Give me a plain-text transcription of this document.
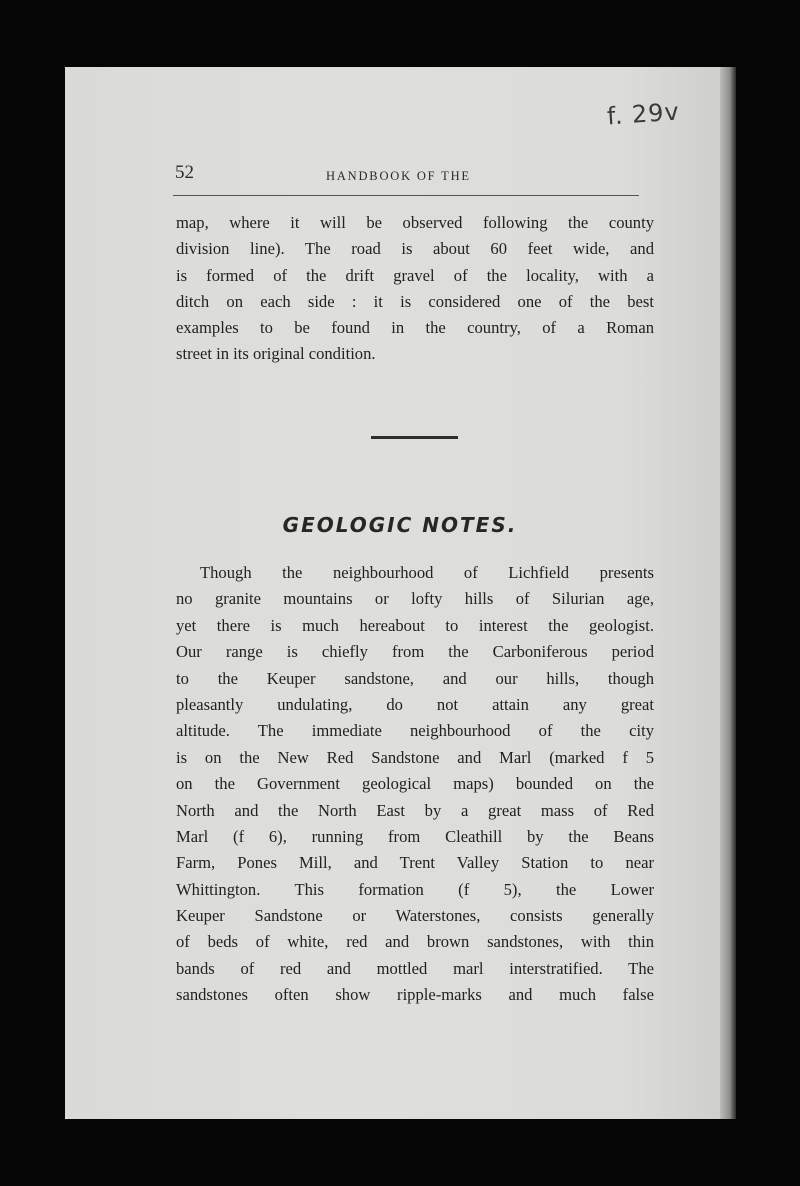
f. 29v
52	HANDBOOK OF THE
map, where it will be observed following the county
division line). The road is about 60 feet wide, and
is formed of the drift gravel of the locality, with a
ditch on each side : it is considered one of the best
examples to be found in the country, of a Roman
street in its original condition.
GEOLOGIC NOTES.
Though the neighbourhood of Lichfield presents
no granite mountains or lofty hills of Silurian age,
yet there is much hereabout to interest the geologist.
Our range is chiefly from the Carboniferous period
to the Keuper sandstone, and our hills, though
pleasantly undulating, do not attain any great
altitude. The immediate neighbourhood of the city
is on the New Red Sandstone and Marl (marked f 5
on the Government geological maps) bounded on the
North and the North East by a great mass of Red
Marl (f 6), running from Cleathill by the Beans
Farm, Pones Mill, and Trent Valley Station to near
Whittington. This formation (f 5), the Lower
Keuper Sandstone or Waterstones, consists generally
of beds of white, red and brown sandstones, with thin
bands of red and mottled marl interstratified. The
sandstones often show ripple-marks and much false
